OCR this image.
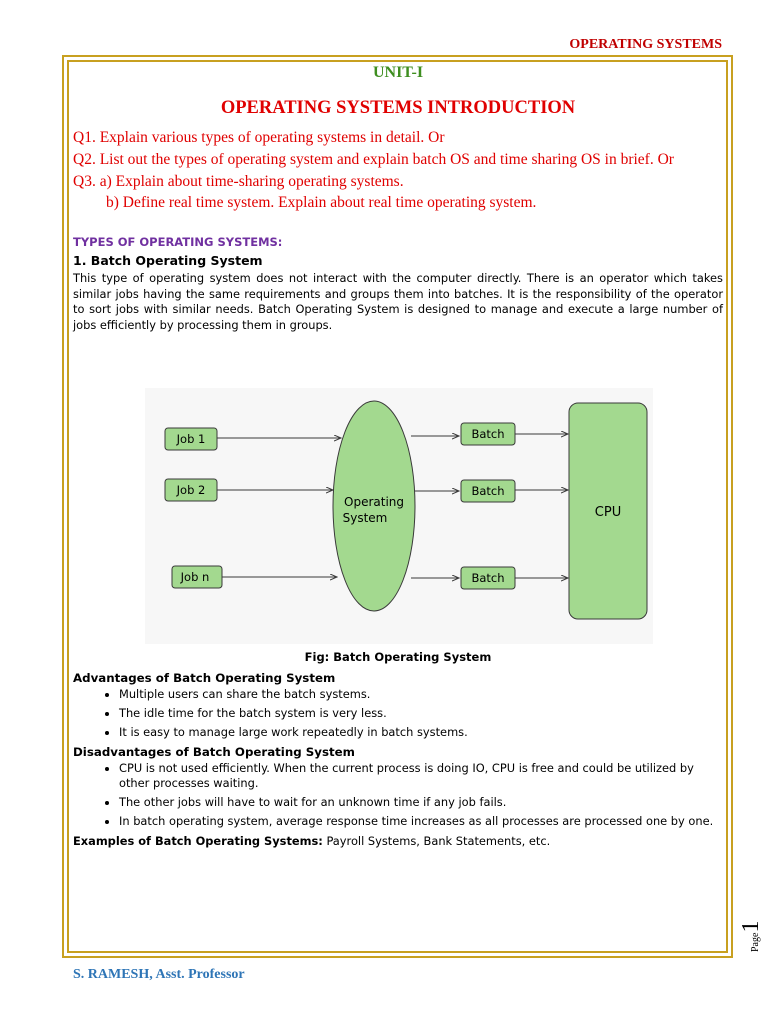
OPERATING SYSTEMS
UNIT-I
OPERATING SYSTEMS INTRODUCTION
Q1. Explain various types of operating systems in detail. Or
Q2. List out the types of operating system and explain batch OS and time sharing OS in brief. Or
Q3. a) Explain about time-sharing operating systems.
b) Define real time system. Explain about real time operating system.
TYPES OF OPERATING SYSTEMS:
1. Batch Operating System
This type of operating system does not interact with the computer directly. There is an operator which takes similar jobs having the same requirements and groups them into batches. It is the responsibility of the operator to sort jobs with similar needs. Batch Operating System is designed to manage and execute a large number of jobs efficiently by processing them in groups.
Job 1
Job 2
Job n
Operating
System
Batch
Batch
Batch
CPU
Fig: Batch Operating System
Advantages of Batch Operating System
• Multiple users can share the batch systems.
• The idle time for the batch system is very less.
• It is easy to manage large work repeatedly in batch systems.
Disadvantages of Batch Operating System
• CPU is not used efficiently. When the current process is doing IO, CPU is free and could be utilized by other processes waiting.
• The other jobs will have to wait for an unknown time if any job fails.
• In batch operating system, average response time increases as all processes are processed one by one.
Examples of Batch Operating Systems: Payroll Systems, Bank Statements, etc.
Page1
S. RAMESH, Asst. Professor
